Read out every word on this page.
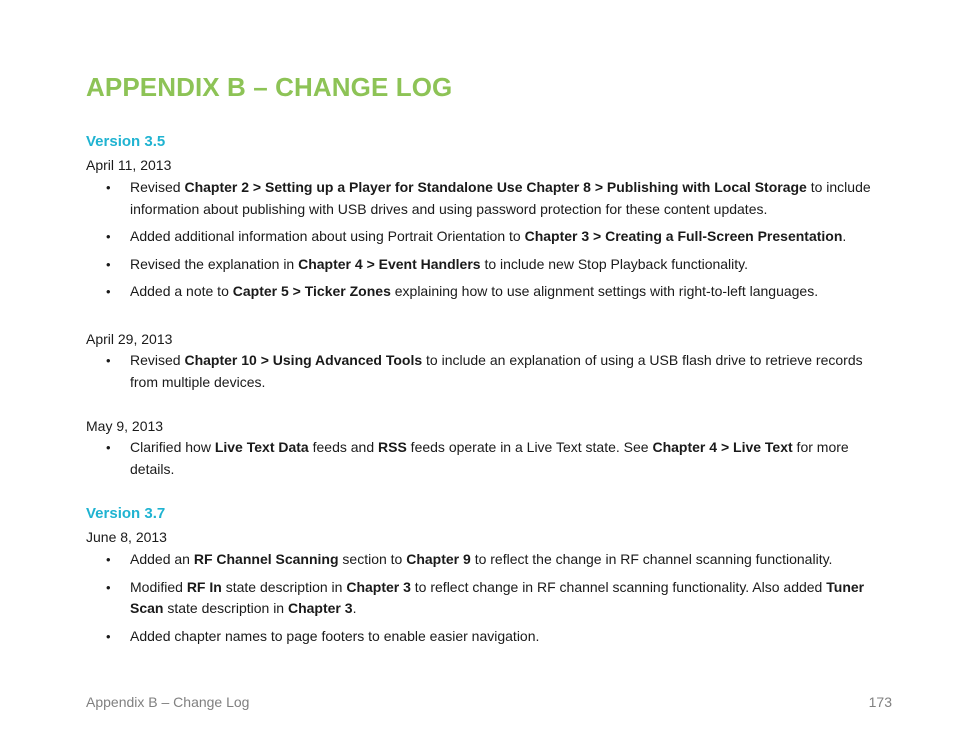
APPENDIX B – CHANGE LOG
Version 3.5

April 11, 2013

• Revised Chapter 2 > Setting up a Player for Standalone Use Chapter 8 > Publishing with Local Storage to include information about publishing with USB drives and using password protection for these content updates.
• Added additional information about using Portrait Orientation to Chapter 3 > Creating a Full-Screen Presentation.
• Revised the explanation in Chapter 4 > Event Handlers to include new Stop Playback functionality.
• Added a note to Capter 5 > Ticker Zones explaining how to use alignment settings with right-to-left languages.

April 29, 2013

• Revised Chapter 10 > Using Advanced Tools to include an explanation of using a USB flash drive to retrieve records from multiple devices.

May 9, 2013

• Clarified how Live Text Data feeds and RSS feeds operate in a Live Text state. See Chapter 4 > Live Text for more details.
Version 3.7

June 8, 2013

• Added an RF Channel Scanning section to Chapter 9 to reflect the change in RF channel scanning functionality.
• Modified RF In state description in Chapter 3 to reflect change in RF channel scanning functionality. Also added Tuner Scan state description in Chapter 3.
• Added chapter names to page footers to enable easier navigation.
Appendix B – Change Log	173
